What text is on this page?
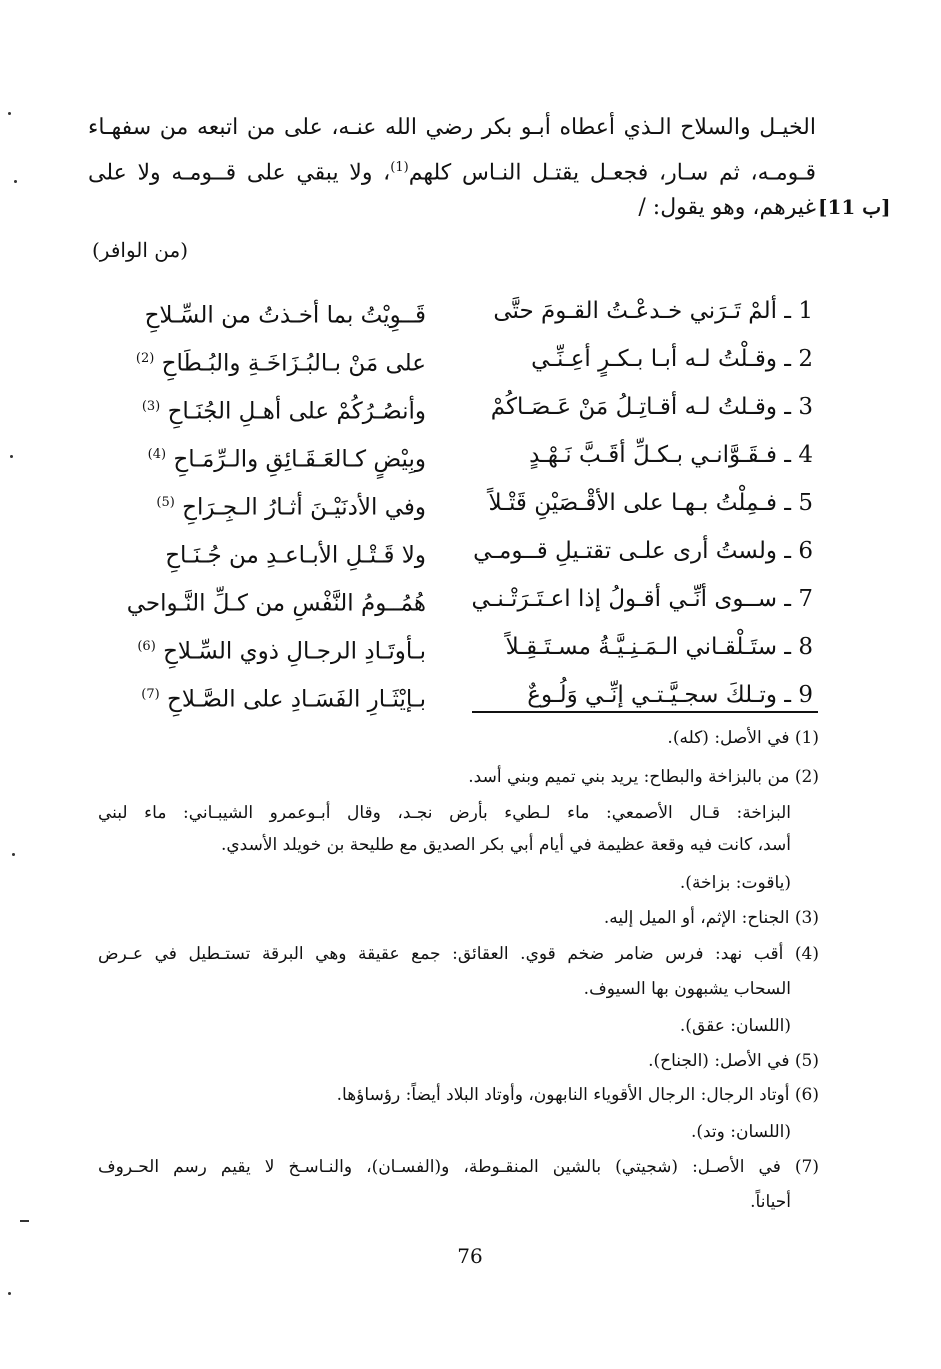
الخيـل والسلاح الـذي أعطاه أبـو بكر رضي الله عنـه، على من اتبعه من سفهـاء
قـومـه، ثم سـار، فجعـل يقتـل النـاس كلهم$^{(1)}$، ولا يبقي على قــومـه ولا على
غيرهم، وهو يقول: / [11 ب]
(من الوافر)
1 ـ ألمْ تَـرَني خـدعْـتُ القـومَ حتَّى
قَــوِيْتُ بما أخـذتُ من السِّـلاحِ
2 ـ وقـلْتُ لـه أبـا بـكـرٍ أعِـنِّـي
على مَنْ بـالبُـزَاخَـةِ والبُـطَاحِ $^{(2)}$
3 ـ وقـلتُ لـه أقـاتِـلُ مَنْ عَـصَـاكُمْ
وأنصُـرُكُمْ على أهـلِ الجُنَـاحِ $^{(3)}$
4 ـ فـقَـوَّانـي بـكـلِّ أقَـبَّ نَـهْـدٍ
وبِيْضٍ كـالعَـقَـائِقِ والـرِّمَـاحِ $^{(4)}$
5 ـ فـمِلْتُ بـهـا على الأقْـصَيْنِ قَتْـلاً
وفي الأدنَيْـنَ أثـارُ الـجِـرَاحِ $^{(5)}$
6 ـ ولستُ أرى علـى تقتـيلِ قــومـي
ولا قَـتْـلِ الأبـاعـدِ من جُـنَـاحِ
7 ـ ســوى أنِّـي أقـولُ إذا اعـتَـرَتْـنـي
هُمُــومُ النَّفْسِ من كـلِّ النَّـواحي
8 ـ ستَـلْقـاني الـمَـنِـيَّـةُ مسـتَـقِـلاً
بـأوتَـادِ الرجـالِ ذوي السِّـلاحِ $^{(6)}$
9 ـ وتـلكَ سجـيَّـتـي إنِّـي وَلُـوعٌ
بـإيْثَـارِ الفَسَـادِ على الصَّـلاحِ $^{(7)}$
(1) في الأصل: (كله).
(2) من بالبزاخة والبطاح: يريد بني تميم وبني أسد.
البزاخة: قـال الأصمعي: ماء لـطيء بأرض نجـد، وقال أبـوعمرو الشيبـاني: ماء لبني
أسد، كانت فيه وقعة عظيمة في أيام أبي بكر الصديق مع طليحة بن خويلد الأسدي.
(ياقوت: بزاخة).
(3) الجناح: الإثم، أو الميل إليه.
(4) أقب نهد: فرس ضامر ضخم قوي. العقائق: جمع عقيقة وهي البرقة تستـطيل في عـرض
السحاب يشبهون بها السيوف.
(اللسان: عقق).
(5) في الأصل: (الجناح).
(6) أوتاد الرجال: الرجال الأقوياء النابهون، وأوتاد البلاد أيضاً: رؤساؤها.
(اللسان: وتد).
(7) في الأصـل: (شجيتي) بالشين المنقـوطة، و(الفسـان)، والنـاسـخ لا يقيم رسم الحـروف
أحياناً.
76
